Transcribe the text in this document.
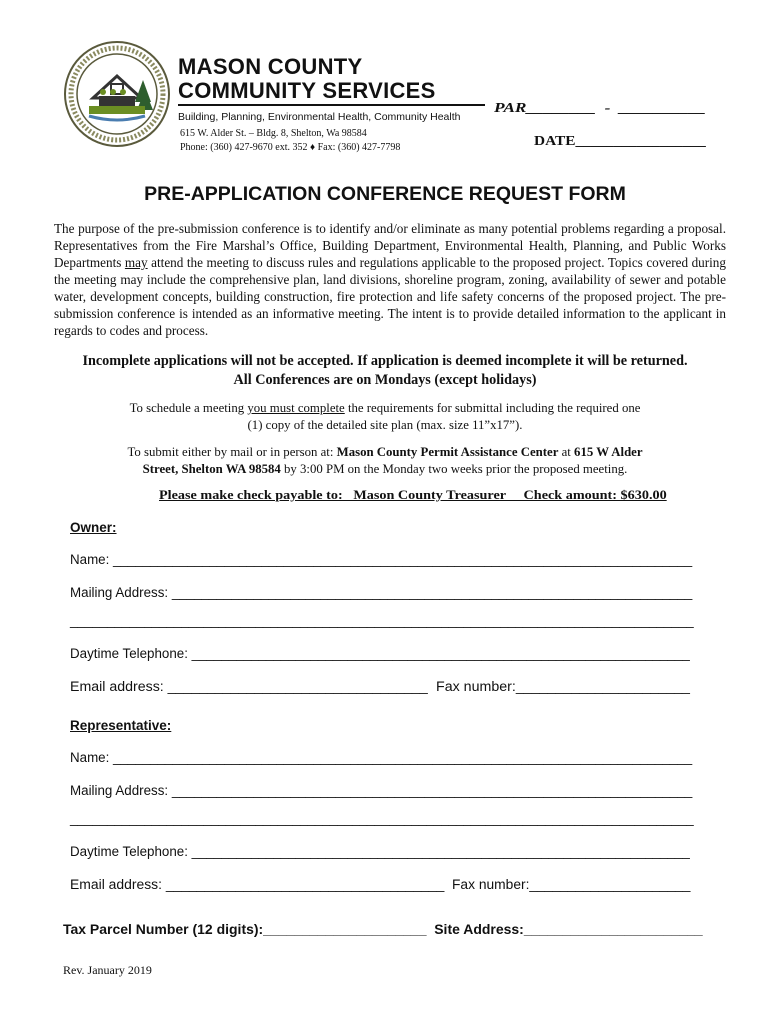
MASON COUNTY
COMMUNITY SERVICES
Building, Planning, Environmental Health, Community Health
615 W. Alder St. – Bldg. 8, Shelton, Wa 98584
Phone: (360) 427-9670 ext. 352 ♦ Fax: (360) 427-7798
PAR________  -  __________
DATE_________________
PRE-APPLICATION CONFERENCE REQUEST FORM
The purpose of the pre-submission conference is to identify and/or eliminate as many potential problems regarding a proposal. Representatives from the Fire Marshal’s Office, Building Department, Environmental Health, Planning, and Public Works Departments may attend the meeting to discuss rules and regulations applicable to the proposed project. Topics covered during the meeting may include the comprehensive plan, land divisions, shoreline program, zoning, availability of sewer and potable water, development concepts, building construction, fire protection and life safety concerns of the proposed project. The pre-submission conference is intended as an informative meeting. The intent is to provide detailed information to the applicant in regards to codes and process.
Incomplete applications will not be accepted. If application is deemed incomplete it will be returned.
All Conferences are on Mondays (except holidays)
To schedule a meeting you must complete the requirements for submittal including the required one
(1) copy of the detailed site plan (max. size 11”x17”).
To submit either by mail or in person at: Mason County Permit Assistance Center at 615 W Alder
Street, Shelton WA 98584 by 3:00 PM on the Monday two weeks prior the proposed meeting.
Please make check payable to:   Mason County Treasurer     Check amount: $630.00
Owner:
Name: ______________________________________________________________________________
Mailing Address: ______________________________________________________________________
____________________________________________________________________________________
Daytime Telephone: ___________________________________________________________________
Email address: _________________________________ Fax number:______________________
Representative:
Name: ______________________________________________________________________________
Mailing Address: ______________________________________________________________________
____________________________________________________________________________________
Daytime Telephone: ___________________________________________________________________
Email address: ____________________________________ Fax number:_____________________
Tax Parcel Number (12 digits):_____________________  Site Address:_______________________
Rev. January 2019
